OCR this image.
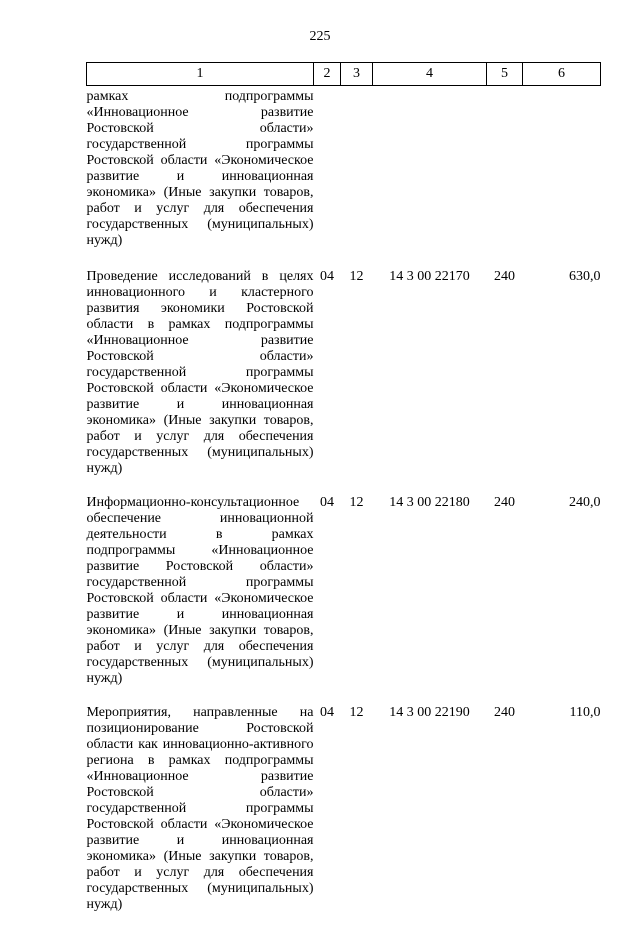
225
1	2	3	4	5	6
рамках подпрограммы «Инновационное развитие Ростовской области» государственной программы Ростовской области «Экономическое развитие и инновационная экономика» (Иные закупки товаров, работ и услуг для обеспечения государственных (муниципальных) нужд)					
Проведение исследований в целях инновационного и кластерного развития экономики Ростовской области в рамках подпрограммы «Инновационное развитие Ростовской области» государственной программы Ростовской области «Экономическое развитие и инновационная экономика» (Иные закупки товаров, работ и услуг для обеспечения государственных (муниципальных) нужд)	04	12	14 3 00 22170	240	630,0
Информационно-консультационное обеспечение инновационной деятельности в рамках подпрограммы «Инновационное развитие Ростовской области» государственной программы Ростовской области «Экономическое развитие и инновационная экономика» (Иные закупки товаров, работ и услуг для обеспечения государственных (муниципальных) нужд)	04	12	14 3 00 22180	240	240,0
Мероприятия, направленные на позиционирование Ростовской области как инновационно-активного региона в рамках подпрограммы «Инновационное развитие Ростовской области» государственной программы Ростовской области «Экономическое развитие и инновационная экономика» (Иные закупки товаров, работ и услуг для обеспечения государственных (муниципальных) нужд)	04	12	14 3 00 22190	240	110,0
